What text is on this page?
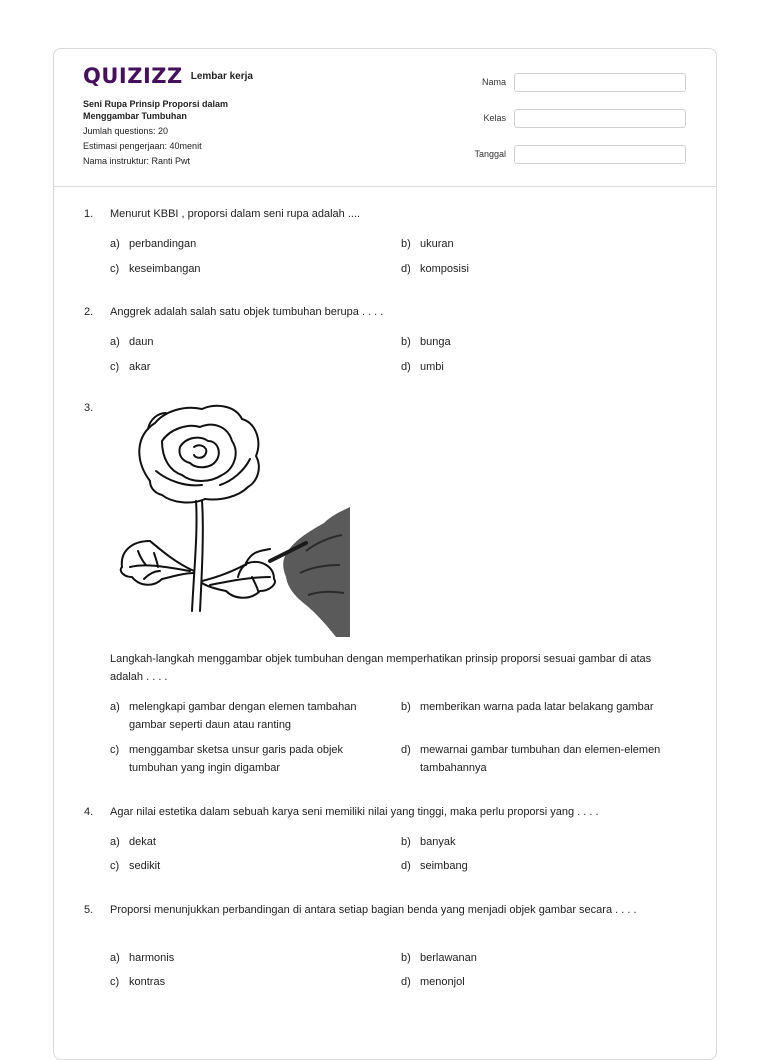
QUIZIZZ Lembar kerja
Seni Rupa Prinsip Proporsi dalam Menggambar Tumbuhan
Jumlah questions: 20
Estimasi pengerjaan: 40menit
Nama instruktur: Ranti Pwt
Nama
Kelas
Tanggal
1. Menurut KBBI , proporsi dalam seni rupa adalah ....
a) perbandingan	b) ukuran
c) keseimbangan	d) komposisi
2. Anggrek adalah salah satu objek tumbuhan berupa . . . .
a) daun	b) bunga
c) akar	d) umbi
3.
Langkah-langkah menggambar objek tumbuhan dengan memperhatikan prinsip proporsi sesuai gambar di atas adalah . . . .
a) melengkapi gambar dengan elemen tambahan gambar seperti daun atau ranting
b) memberikan warna pada latar belakang gambar
c) menggambar sketsa unsur garis pada objek tumbuhan yang ingin digambar
d) mewarnai gambar tumbuhan dan elemen-elemen tambahannya
4. Agar nilai estetika dalam sebuah karya seni memiliki nilai yang tinggi, maka perlu proporsi yang . . . .
a) dekat	b) banyak
c) sedikit	d) seimbang
5. Proporsi menunjukkan perbandingan di antara setiap bagian benda yang menjadi objek gambar secara . . . .
a) harmonis	b) berlawanan
c) kontras	d) menonjol
